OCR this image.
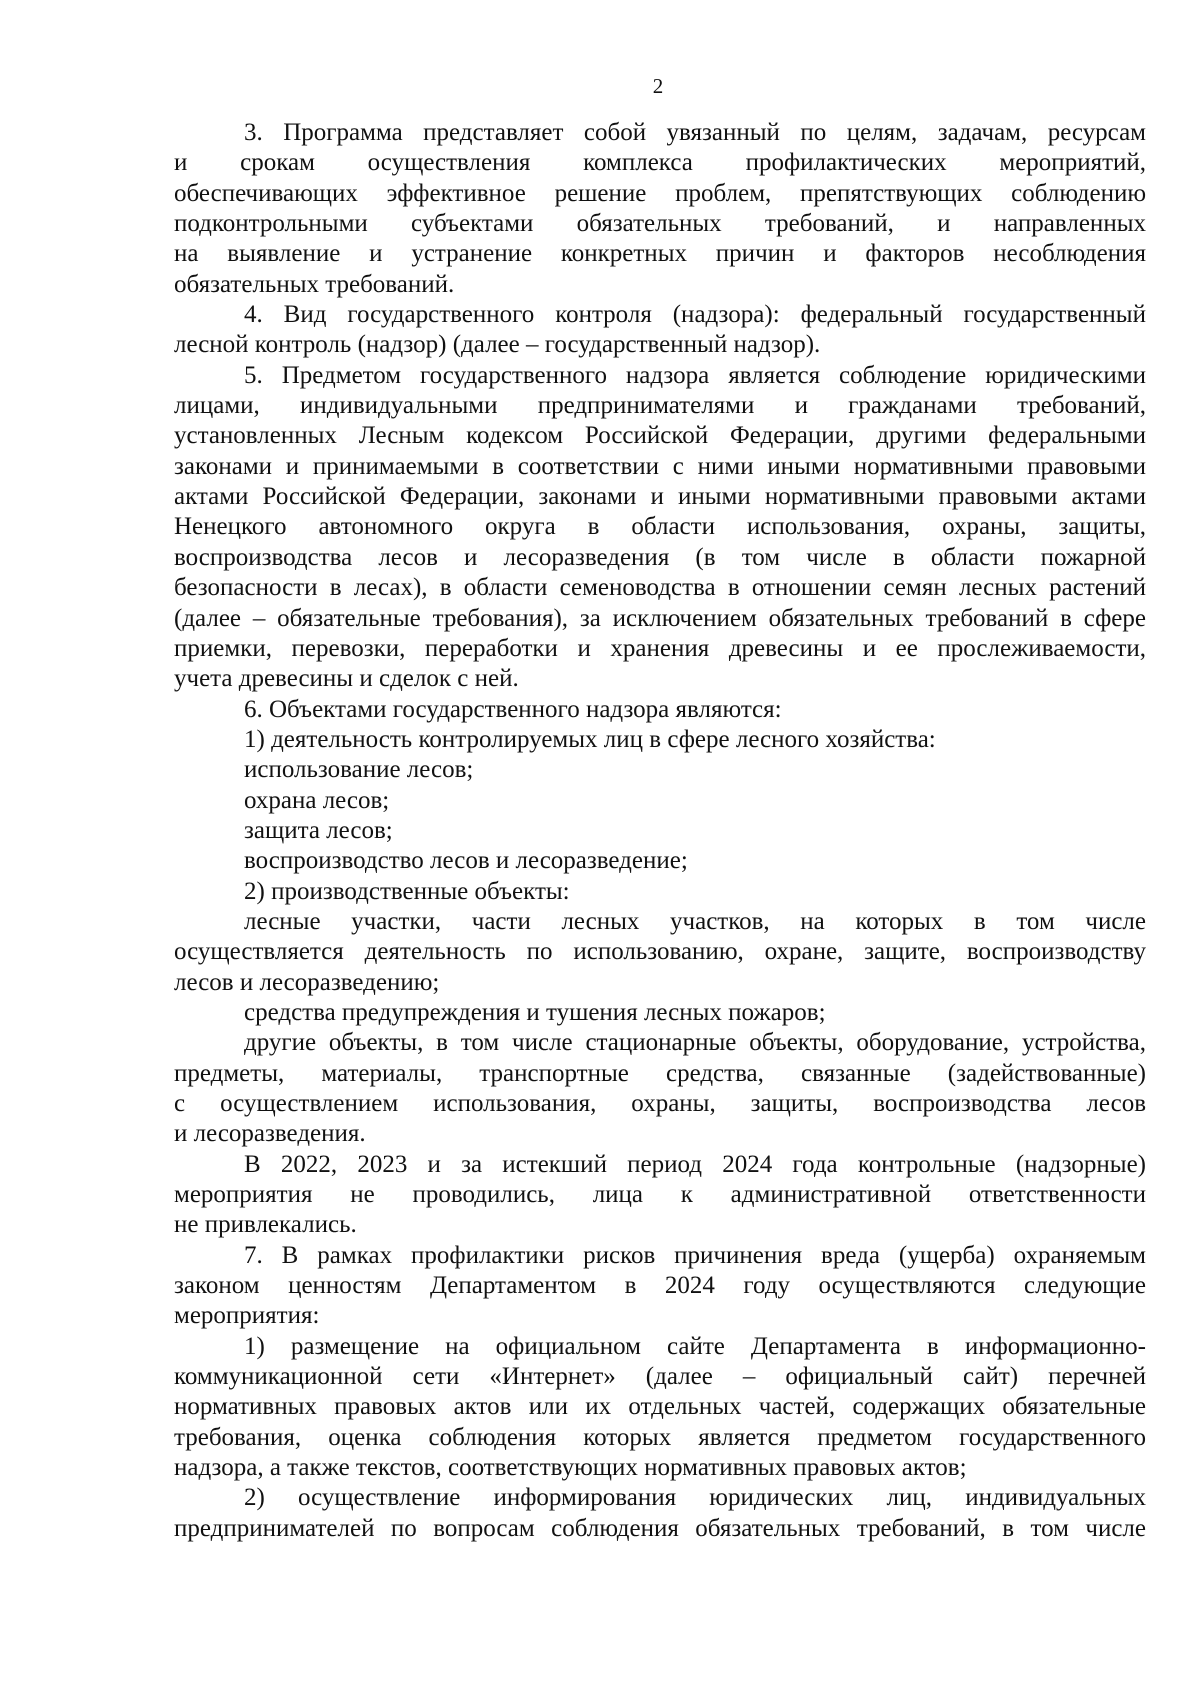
2
3. Программа представляет собой увязанный по целям, задачам, ресурсам
и срокам осуществления комплекса профилактических мероприятий,
обеспечивающих эффективное решение проблем, препятствующих соблюдению
подконтрольными субъектами обязательных требований, и направленных
на выявление и устранение конкретных причин и факторов несоблюдения
обязательных требований.
4. Вид государственного контроля (надзора): федеральный государственный
лесной контроль (надзор) (далее – государственный надзор).
5. Предметом государственного надзора является соблюдение юридическими
лицами, индивидуальными предпринимателями и гражданами требований,
установленных Лесным кодексом Российской Федерации, другими федеральными
законами и принимаемыми в соответствии с ними иными нормативными правовыми
актами Российской Федерации, законами и иными нормативными правовыми актами
Ненецкого автономного округа в области использования, охраны, защиты,
воспроизводства лесов и лесоразведения (в том числе в области пожарной
безопасности в лесах), в области семеноводства в отношении семян лесных растений
(далее – обязательные требования), за исключением обязательных требований в сфере
приемки, перевозки, переработки и хранения древесины и ее прослеживаемости,
учета древесины и сделок с ней.
6. Объектами государственного надзора являются:
1) деятельность контролируемых лиц в сфере лесного хозяйства:
использование лесов;
охрана лесов;
защита лесов;
воспроизводство лесов и лесоразведение;
2) производственные объекты:
лесные участки, части лесных участков, на которых в том числе
осуществляется деятельность по использованию, охране, защите, воспроизводству
лесов и лесоразведению;
средства предупреждения и тушения лесных пожаров;
другие объекты, в том числе стационарные объекты, оборудование, устройства,
предметы, материалы, транспортные средства, связанные (задействованные)
с осуществлением использования, охраны, защиты, воспроизводства лесов
и лесоразведения.
В 2022, 2023 и за истекший период 2024 года контрольные (надзорные)
мероприятия не проводились, лица к административной ответственности
не привлекались.
7. В рамках профилактики рисков причинения вреда (ущерба) охраняемым
законом ценностям Департаментом в 2024 году осуществляются следующие
мероприятия:
1) размещение на официальном сайте Департамента в информационно-
коммуникационной сети «Интернет» (далее – официальный сайт) перечней
нормативных правовых актов или их отдельных частей, содержащих обязательные
требования, оценка соблюдения которых является предметом государственного
надзора, а также текстов, соответствующих нормативных правовых актов;
2) осуществление информирования юридических лиц, индивидуальных
предпринимателей по вопросам соблюдения обязательных требований, в том числе
